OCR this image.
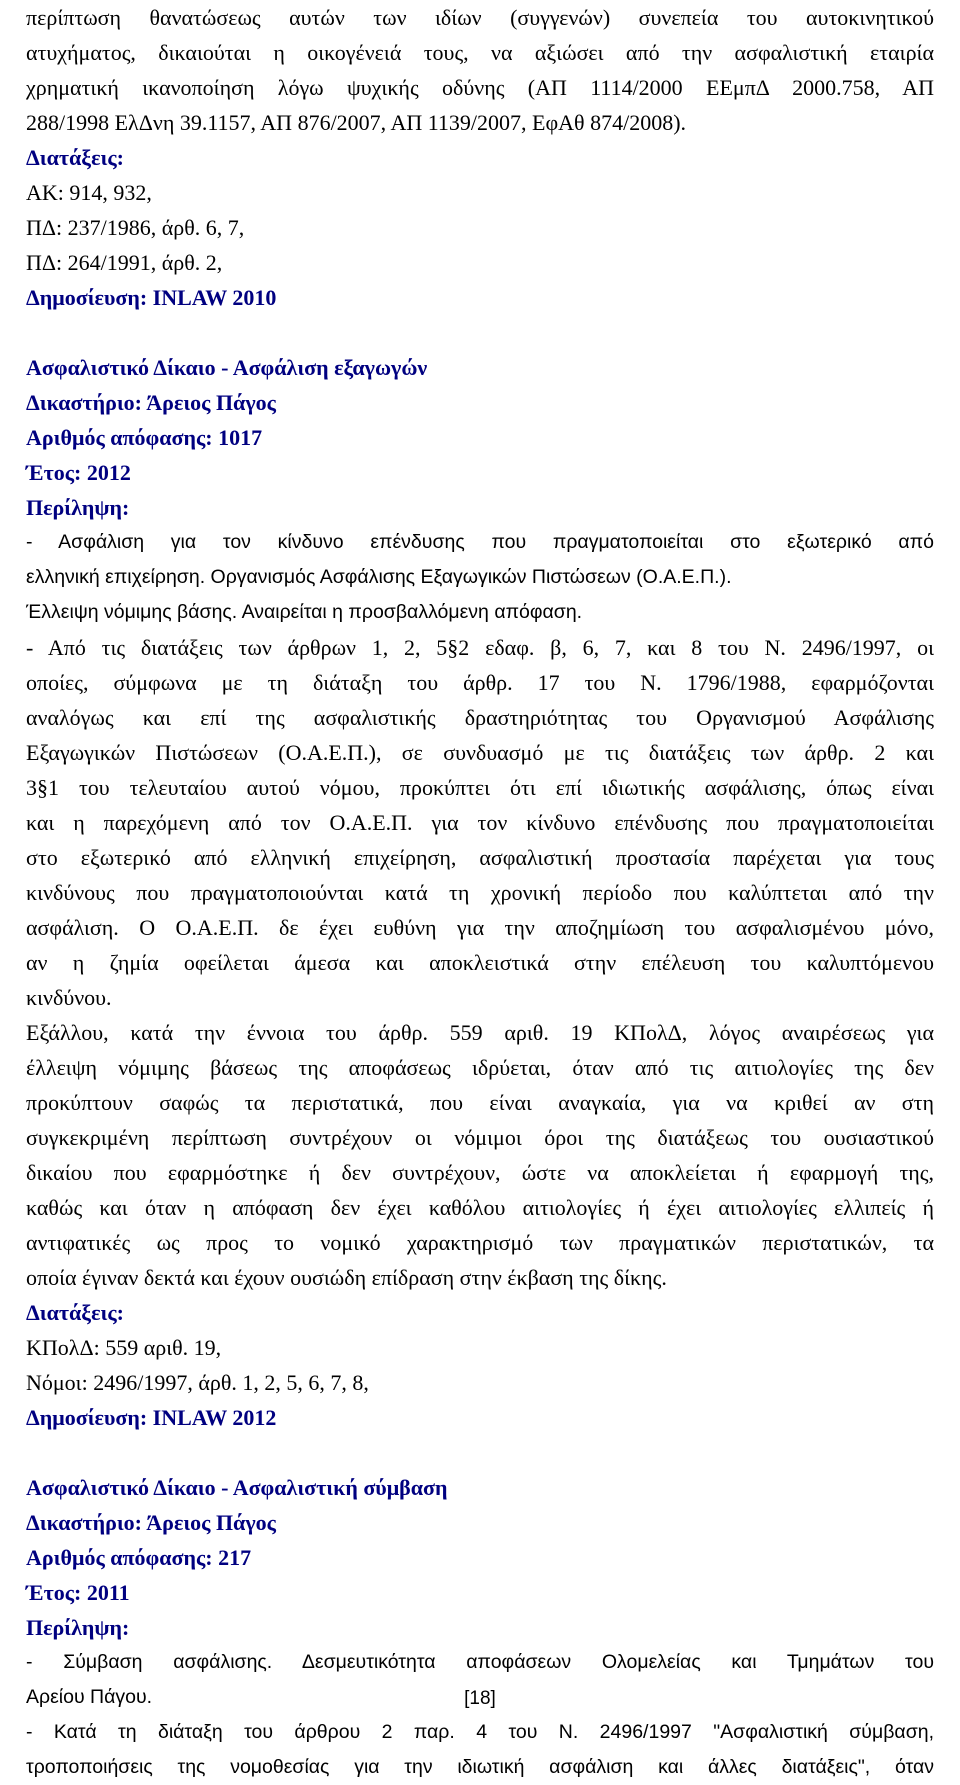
περίπτωση θανατώσεως αυτών των ιδίων (συγγενών) συνεπεία του αυτοκινητικού
ατυχήματος, δικαιούται η οικογένειά τους, να αξιώσει από την ασφαλιστική εταιρία
χρηματική ικανοποίηση λόγω ψυχικής οδύνης (ΑΠ 1114/2000 ΕΕμπΔ 2000.758, ΑΠ
288/1998 ΕλΔνη 39.1157, ΑΠ 876/2007, ΑΠ 1139/2007, ΕφΑθ 874/2008).
Διατάξεις:
ΑΚ: 914, 932,
ΠΔ: 237/1986, άρθ. 6, 7,
ΠΔ: 264/1991, άρθ. 2,
Δημοσίευση: INLAW 2010
Ασφαλιστικό Δίκαιο - Ασφάλιση εξαγωγών
Δικαστήριο: Άρειος Πάγος
Αριθμός απόφασης: 1017
Έτος: 2012
Περίληψη:
- Ασφάλιση για τον κίνδυνο επένδυσης που πραγματοποιείται στο εξωτερικό από
ελληνική επιχείρηση. Οργανισμός Ασφάλισης Εξαγωγικών Πιστώσεων (Ο.Α.Ε.Π.).
Έλλειψη νόμιμης βάσης. Αναιρείται η προσβαλλόμενη απόφαση.
- Από τις διατάξεις των άρθρων 1, 2, 5§2 εδαφ. β, 6, 7, και 8 του Ν. 2496/1997, οι
οποίες, σύμφωνα με τη διάταξη του άρθρ. 17 του Ν. 1796/1988, εφαρμόζονται
αναλόγως και επί της ασφαλιστικής δραστηριότητας του Οργανισμού Ασφάλισης
Εξαγωγικών Πιστώσεων (Ο.Α.Ε.Π.), σε συνδυασμό με τις διατάξεις των άρθρ. 2 και
3§1 του τελευταίου αυτού νόμου, προκύπτει ότι επί ιδιωτικής ασφάλισης, όπως είναι
και η παρεχόμενη από τον Ο.Α.Ε.Π. για τον κίνδυνο επένδυσης που πραγματοποιείται
στο εξωτερικό από ελληνική επιχείρηση, ασφαλιστική προστασία παρέχεται για τους
κινδύνους που πραγματοποιούνται κατά τη χρονική περίοδο που καλύπτεται από την
ασφάλιση. Ο Ο.Α.Ε.Π. δε έχει ευθύνη για την αποζημίωση του ασφαλισμένου μόνο,
αν η ζημία οφείλεται άμεσα και αποκλειστικά στην επέλευση του καλυπτόμενου
κινδύνου.
Εξάλλου, κατά την έννοια του άρθρ. 559 αριθ. 19 ΚΠολΔ, λόγος αναιρέσεως για
έλλειψη νόμιμης βάσεως της αποφάσεως ιδρύεται, όταν από τις αιτιολογίες της δεν
προκύπτουν σαφώς τα περιστατικά, που είναι αναγκαία, για να κριθεί αν στη
συγκεκριμένη περίπτωση συντρέχουν οι νόμιμοι όροι της διατάξεως του ουσιαστικού
δικαίου που εφαρμόστηκε ή δεν συντρέχουν, ώστε να αποκλείεται ή εφαρμογή της,
καθώς και όταν η απόφαση δεν έχει καθόλου αιτιολογίες ή έχει αιτιολογίες ελλιπείς ή
αντιφατικές ως προς το νομικό χαρακτηρισμό των πραγματικών περιστατικών, τα
οποία έγιναν δεκτά και έχουν ουσιώδη επίδραση στην έκβαση της δίκης.
Διατάξεις:
ΚΠολΔ: 559 αριθ. 19,
Νόμοι: 2496/1997, άρθ. 1, 2, 5, 6, 7, 8,
Δημοσίευση: INLAW 2012
Ασφαλιστικό Δίκαιο - Ασφαλιστική σύμβαση
Δικαστήριο: Άρειος Πάγος
Αριθμός απόφασης: 217
Έτος: 2011
Περίληψη:
- Σύμβαση ασφάλισης. Δεσμευτικότητα αποφάσεων Ολομελείας και Τμημάτων του
Αρείου Πάγου.
- Κατά τη διάταξη του άρθρου 2 παρ. 4 του Ν. 2496/1997 "Ασφαλιστική σύμβαση,
τροποποιήσεις της νομοθεσίας για την ιδιωτική ασφάλιση και άλλες διατάξεις", όταν
[18]
